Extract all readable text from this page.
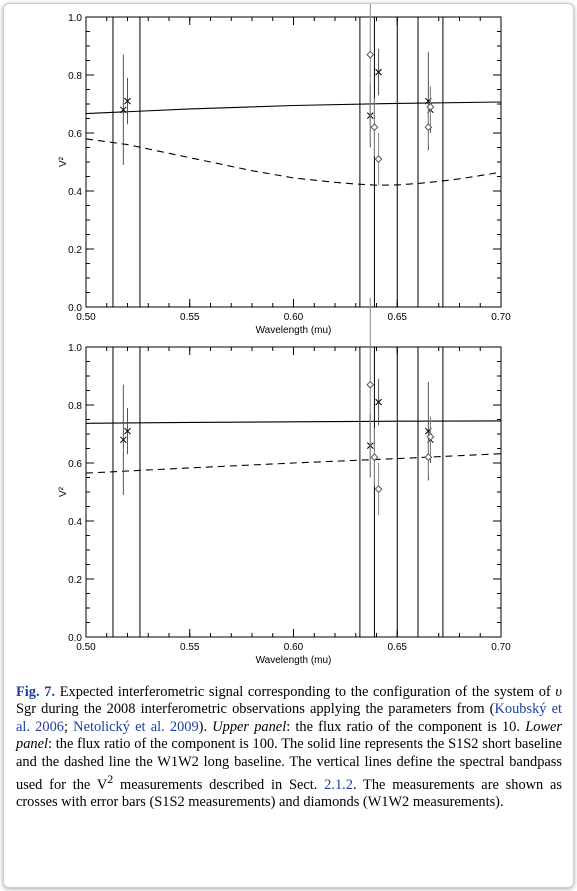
0.50	0.55	0.60	0.65	0.70
0.0
0.2
0.4
0.6
0.8
1.0
Wavelength (mu)
V²
0.50	0.55	0.60	0.65	0.70
0.0
0.2
0.4
0.6
0.8
1.0
Wavelength (mu)
V²
Fig. 7. Expected interferometric signal corresponding to the configuration of the system of υ Sgr during the 2008 interferometric observations applying the parameters from (Koubský et al. 2006; Netolický et al. 2009). Upper panel: the flux ratio of the component is 10. Lower panel: the flux ratio of the component is 100. The solid line represents the S1S2 short baseline and the dashed line the W1W2 long baseline. The vertical lines define the spectral bandpass used for the $V^2$ measurements described in Sect. 2.1.2. The measurements are shown as crosses with error bars (S1S2 measurements) and diamonds (W1W2 measurements).
